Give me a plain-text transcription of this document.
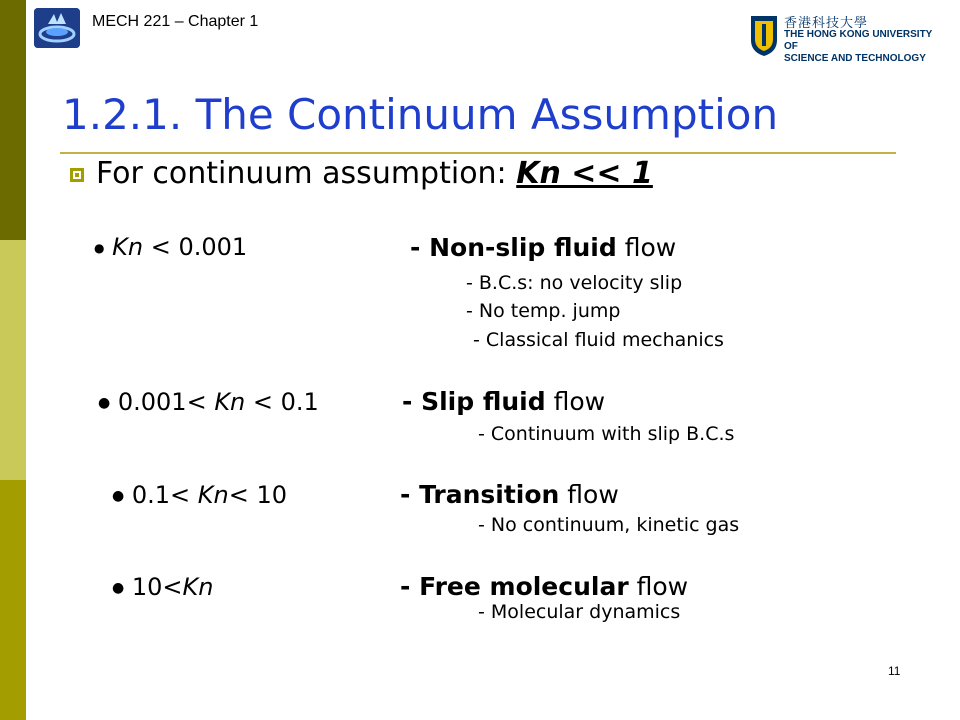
MECH 221 – Chapter 1	香港科技大學
THE HONG KONG UNIVERSITY OF
SCIENCE AND TECHNOLOGY
1.2.1. The Continuum Assumption
For continuum assumption: Kn << 1
● Kn < 0.001	- Non-slip fluid flow
- B.C.s: no velocity slip
- No temp. jump
- Classical fluid mechanics
● 0.001< Kn < 0.1	- Slip fluid flow
- Continuum with slip B.C.s
● 0.1< Kn< 10	- Transition flow
- No continuum, kinetic gas
● 10<Kn	- Free molecular flow
- Molecular dynamics
11
